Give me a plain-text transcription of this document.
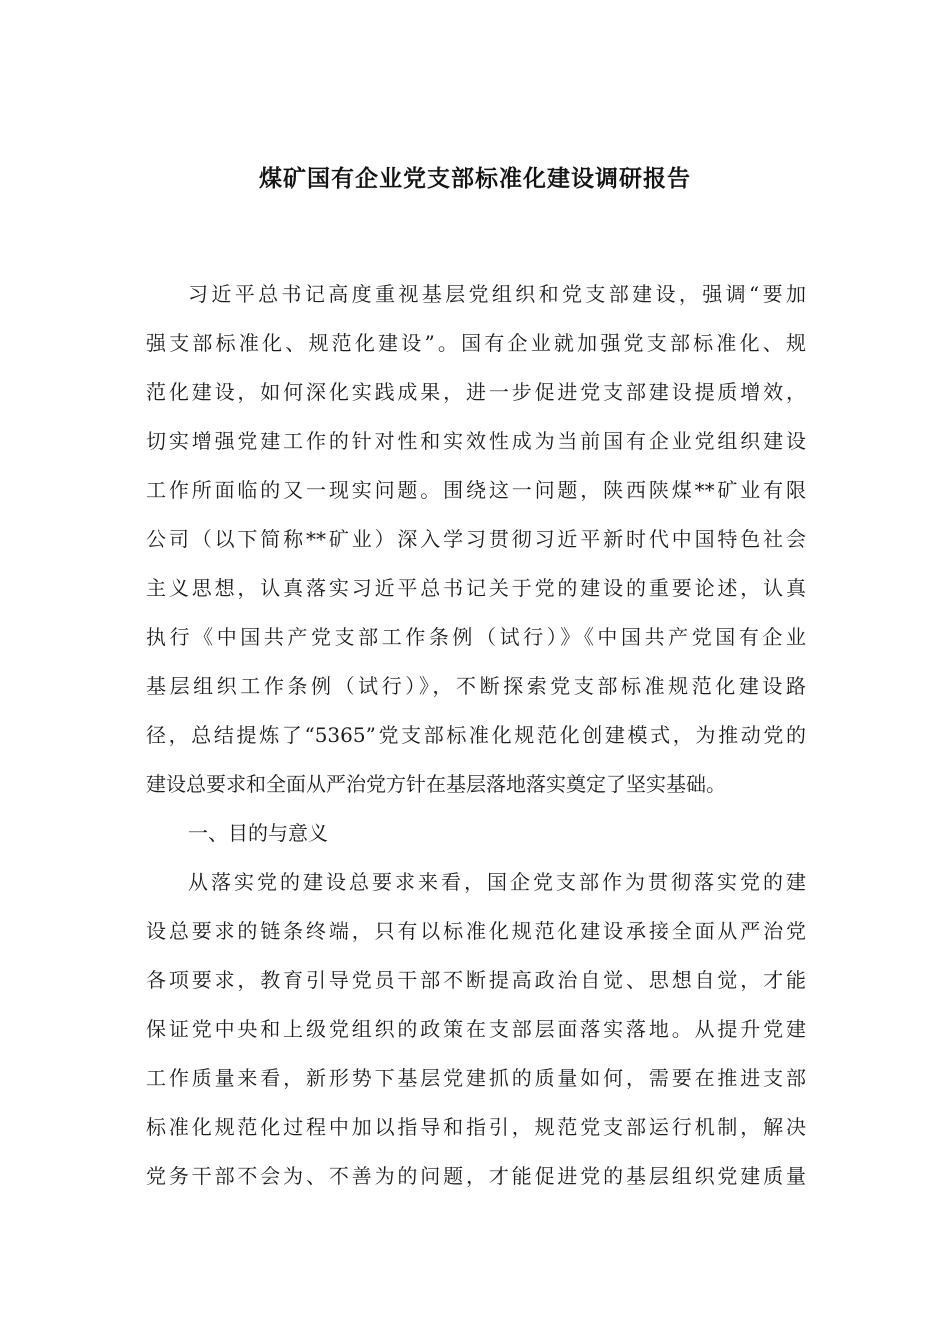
煤矿国有企业党支部标准化建设调研报告
习近平总书记高度重视基层党组织和党支部建设，强调“要加
强支部标准化、规范化建设”。国有企业就加强党支部标准化、规
范化建设，如何深化实践成果，进一步促进党支部建设提质增效，
切实增强党建工作的针对性和实效性成为当前国有企业党组织建设
工作所面临的又一现实问题。围绕这一问题，陕西陕煤**矿业有限
公司（以下简称**矿业）深入学习贯彻习近平新时代中国特色社会
主义思想，认真落实习近平总书记关于党的建设的重要论述，认真
执行《中国共产党支部工作条例（试行）》《中国共产党国有企业
基层组织工作条例（试行）》，不断探索党支部标准规范化建设路
径，总结提炼了“5365”党支部标准化规范化创建模式，为推动党的
建设总要求和全面从严治党方针在基层落地落实奠定了坚实基础。
一、目的与意义
从落实党的建设总要求来看，国企党支部作为贯彻落实党的建
设总要求的链条终端，只有以标准化规范化建设承接全面从严治党
各项要求，教育引导党员干部不断提高政治自觉、思想自觉，才能
保证党中央和上级党组织的政策在支部层面落实落地。从提升党建
工作质量来看，新形势下基层党建抓的质量如何，需要在推进支部
标准化规范化过程中加以指导和指引，规范党支部运行机制，解决
党务干部不会为、不善为的问题，才能促进党的基层组织党建质量
